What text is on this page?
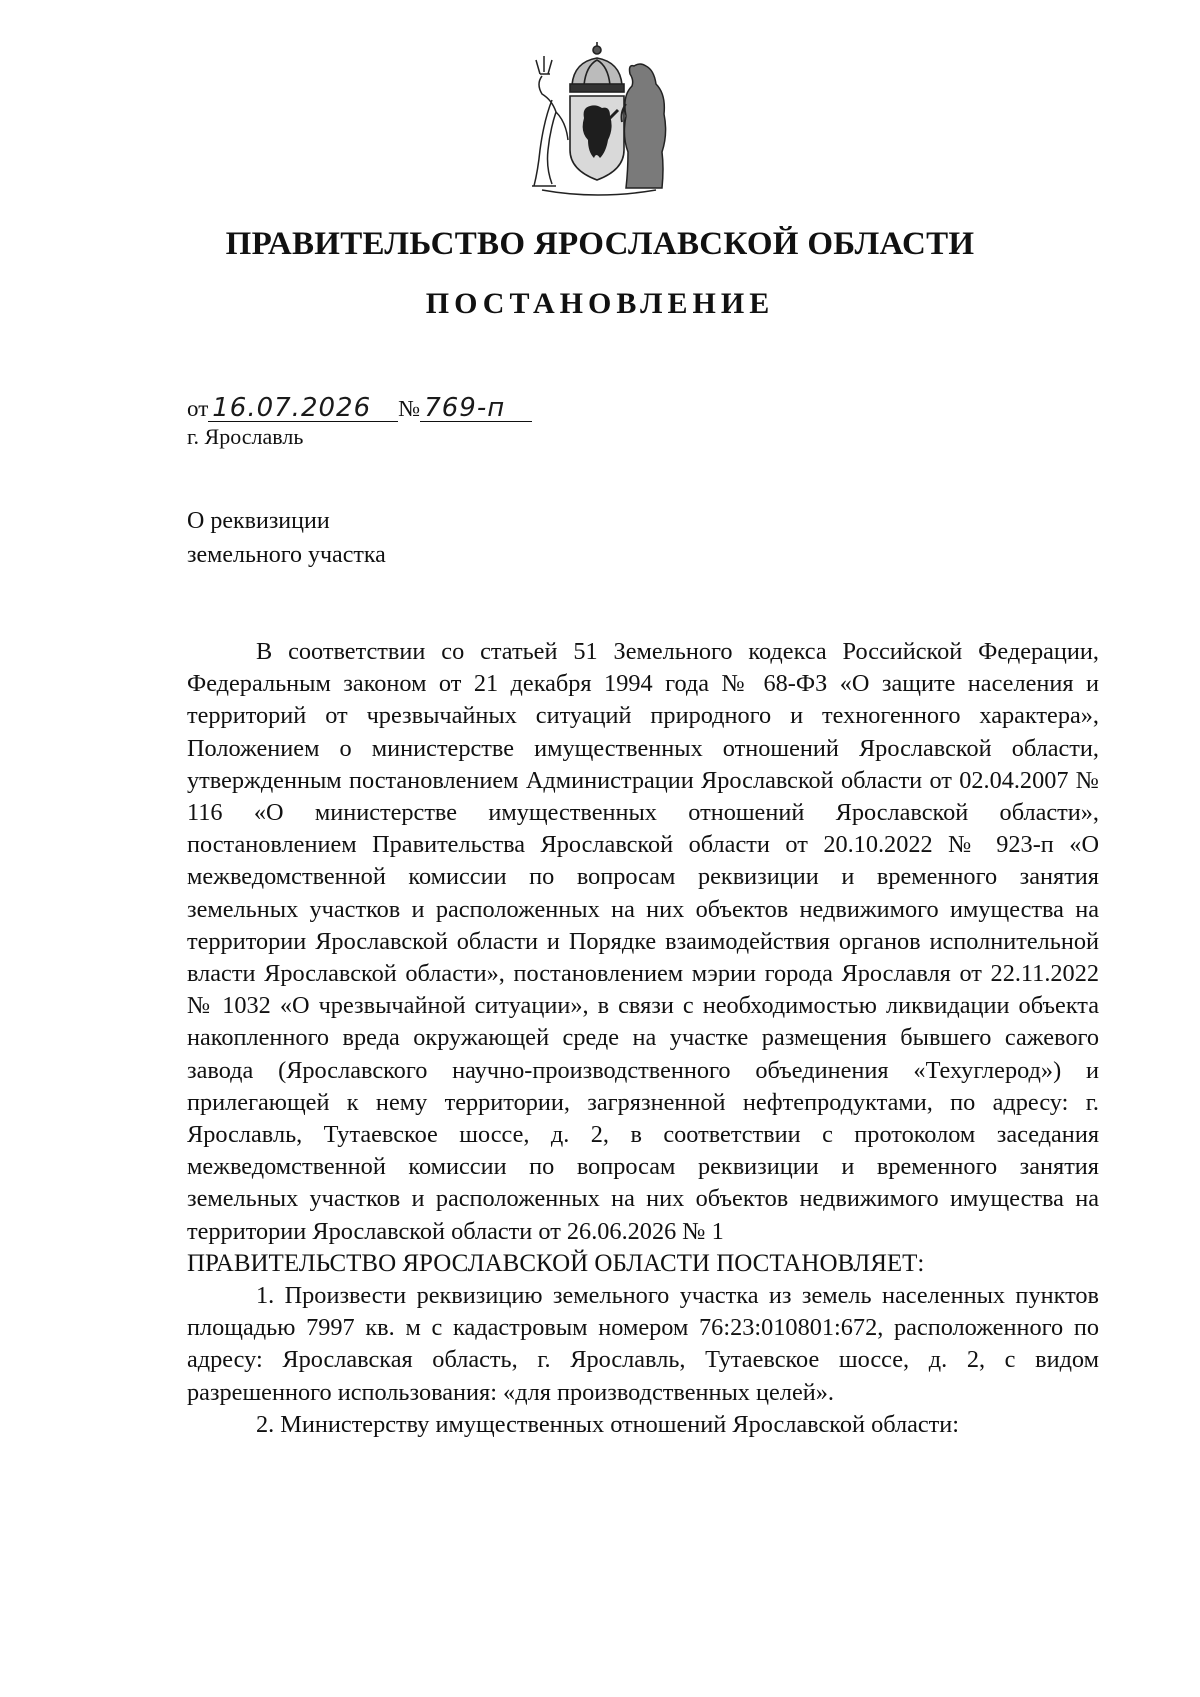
ПРАВИТЕЛЬСТВО ЯРОСЛАВСКОЙ ОБЛАСТИ
ПОСТАНОВЛЕНИЕ
от 16.07.2026 № 769-п
г. Ярославль
О реквизиции
земельного участка

В соответствии со статьей 51 Земельного кодекса Российской Федерации, Федеральным законом от 21 декабря 1994 года № 68-ФЗ «О защите населения и территорий от чрезвычайных ситуаций природного и техногенного характера», Положением о министерстве имущественных отношений Ярославской области, утвержденным постановлением Администрации Ярославской области от 02.04.2007 № 116 «О министерстве имущественных отношений Ярославской области», постановлением Правительства Ярославской области от 20.10.2022 № 923-п «О межведомственной комиссии по вопросам реквизиции и временного занятия земельных участков и расположенных на них объектов недвижимого имущества на территории Ярославской области и Порядке взаимодействия органов исполнительной власти Ярославской области», постановлением мэрии города Ярославля от 22.11.2022 № 1032 «О чрезвычайной ситуации», в связи с необходимостью ликвидации объекта накопленного вреда окружающей среде на участке размещения бывшего сажевого завода (Ярославского научно-производственного объединения «Техуглерод») и прилегающей к нему территории, загрязненной нефтепродуктами, по адресу: г. Ярославль, Тутаевское шоссе, д. 2, в соответствии с протоколом заседания межведомственной комиссии по вопросам реквизиции и временного занятия земельных участков и расположенных на них объектов недвижимого имущества на территории Ярославской области от 26.06.2026 № 1

ПРАВИТЕЛЬСТВО ЯРОСЛАВСКОЙ ОБЛАСТИ ПОСТАНОВЛЯЕТ:

1. Произвести реквизицию земельного участка из земель населенных пунктов площадью 7997 кв. м с кадастровым номером 76:23:010801:672, расположенного по адресу: Ярославская область, г. Ярославль, Тутаевское шоссе, д. 2, с видом разрешенного использования: «для производственных целей».

2. Министерству имущественных отношений Ярославской области:
